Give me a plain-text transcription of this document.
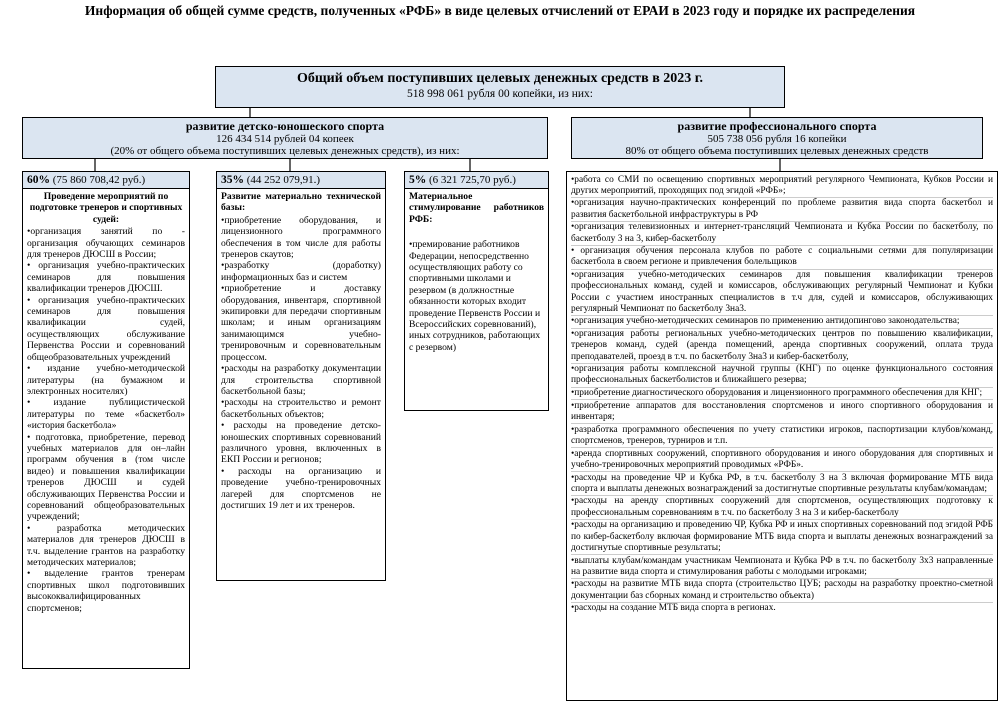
Информация об общей сумме средств, полученных «РФБ» в виде целевых отчислений от ЕРАИ в 2023 году и порядке их распределения
Общий объем поступивших целевых денежных средств в 2023 г.
518 998 061 рубля 00 копейки, из них:
развитие детско-юношеского спорта
126 434 514 рублей 04 копеек
(20% от общего объема поступивших целевых денежных средств), из них:
развитие профессионального спорта
505 738 056 рубля 16 копейки
80% от общего объема поступивших целевых денежных средств
60% (75 860 708,42 руб.)
Проведение мероприятий по подготовке тренеров и спортивных судей:
•организация занятий по - организация обучающих семинаров для тренеров ДЮСШ в России;
• организация учебно-практических семинаров для повышения квалификации тренеров ДЮСШ.
• организация учебно-практических семинаров для повышения квалификации судей, осуществляющих обслуживание Первенства России и соревнований общеобразовательных учреждений
• издание учебно-методической литературы (на бумажном и электронных носителях)
• издание публицистической литературы по теме «баскетбол» «история баскетбола»
• подготовка, приобретение, перевод учебных материалов для он–лайн программ обучения в (том числе видео) и повышения квалификации тренеров ДЮСШ и судей обслуживающих Первенства России и соревнований общеобразовательных учреждений;
• разработка методических материалов для тренеров ДЮСШ в т.ч. выделение грантов на разработку методических материалов;
• выделение грантов тренерам спортивных школ подготовивших высококвалифицированных спортсменов;
35% (44 252 079,91.)
Развитие материально технической базы:
•приобретение оборудования, и лицензионного программного обеспечения в том числе для работы тренеров скаутов;
•разработку (доработку) информационных баз и систем
•приобретение и доставку оборудования, инвентаря, спортивной экипировки для передачи спортивным школам; и иным организациям занимающимся учебно-тренировочным и соревновательным процессом.
•расходы на разработку документации для строительства спортивной баскетбольной базы;
•расходы на строительство и ремонт баскетбольных объектов;
• расходы на проведение детско-юношеских спортивных соревнований различного уровня, включенных в ЕКП России и регионов;
• расходы на организацию и проведение учебно-тренировочных лагерей для спортсменов не достигших 19 лет и их тренеров.
5% (6 321 725,70 руб.)
Материальное стимулирование работников РФБ:
•премирование работников Федерации, непосредственно осуществляющих работу со спортивными школами и резервом (в должностные обязанности которых входит проведение Первенств России и Всероссийских соревнований), иных сотрудников, работающих с резервом)
•работа со СМИ по освещению спортивных мероприятий регулярного Чемпионата, Кубков России и других мероприятий, проходящих под эгидой «РФБ»;
•организация научно-практических конференций по проблеме развития вида спорта баскетбол и развития баскетбольной инфраструктуры в РФ
•организация телевизионных и интернет-трансляций Чемпионата и Кубка России по баскетболу, по баскетболу 3 на 3, кибер-баскетболу
• организация обучения персонала клубов по работе с социальными сетями для популяризации баскетбола в своем регионе и привлечения болельщиков
•организация учебно-методических семинаров для повышения квалификации тренеров профессиональных команд, судей и комиссаров, обслуживающих регулярный Чемпионат и Кубки России с участием иностранных специалистов в т.ч для, судей и комиссаров, обслуживающих регулярный Чемпионат по баскетболу 3на3.
•организация учебно-методических семинаров по применению антидопингово законодательства;
•организация работы региональных учебно-методических центров по повышению квалификации, тренеров команд, судей (аренда помещений, аренда спортивных сооружений, оплата труда преподавателей, проезд в т.ч. по баскетболу 3на3 и кибер-баскетболу,
•организация работы комплексной научной группы (КНГ) по оценке функционального состояния профессиональных баскетболистов и ближайшего резерва;
•приобретение диагностического оборудования и лицензионного программного обеспечения для КНГ;
•приобретение аппаратов для восстановления спортсменов и иного спортивного оборудования и инвентаря;
•разработка программного обеспечения по учету статистики игроков, паспортизации клубов/команд, спортсменов, тренеров, турниров и т.п.
•аренда спортивных сооружений, спортивного оборудования и иного оборудования для спортивных и учебно-тренировочных мероприятий проводимых «РФБ».
•расходы на проведение ЧР и Кубка РФ, в т.ч. баскетболу 3 на 3 включая формирование МТБ вида спорта и выплаты денежных вознаграждений за достигнутые спортивные результаты клубам/командам;
•расходы на аренду спортивных сооружений для спортсменов, осуществляющих подготовку к профессиональным соревнованиям в т.ч. по баскетболу 3 на 3 и кибер-баскетболу
•расходы на организацию и проведению ЧР, Кубка РФ и иных спортивных соревнований под эгидой РФБ по кибер-баскетболу включая формирование МТБ вида спорта и выплаты денежных вознаграждений за достигнутые спортивные результаты;
•выплаты клубам/командам участникам Чемпионата и Кубка РФ в т.ч. по баскетболу 3х3 направленные на развитие вида спорта и стимулирования работы с молодыми игроками;
•расходы на развитие МТБ вида спорта (строительство ЦУБ; расходы на разработку проектно-сметной документации баз сборных команд и строительство объекта)
•расходы на создание МТБ вида спорта в регионах.
